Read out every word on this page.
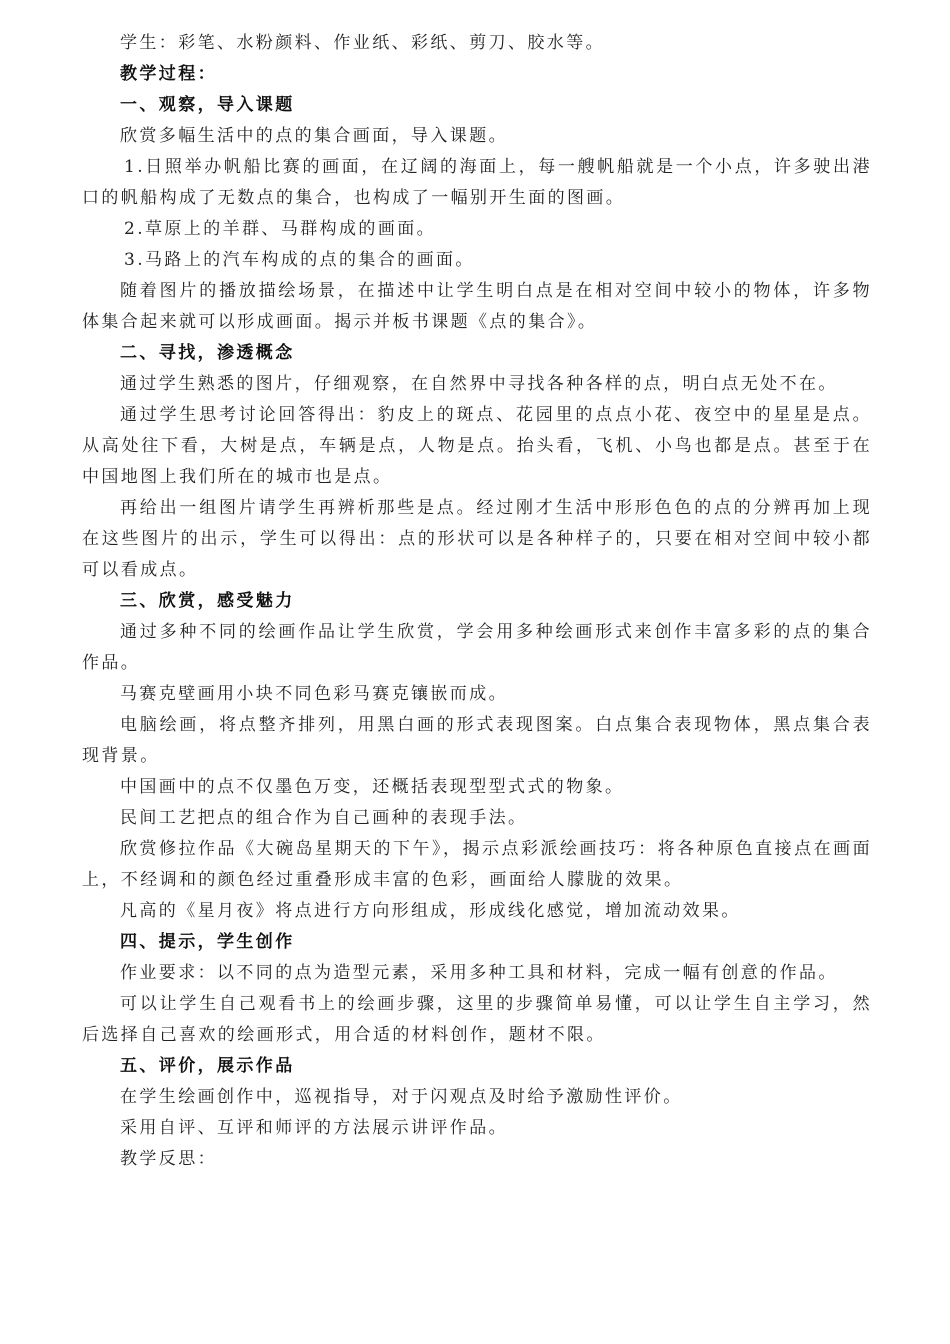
学生：彩笔、水粉颜料、作业纸、彩纸、剪刀、胶水等。

教学过程：

一、观察，导入课题

欣赏多幅生活中的点的集合画面，导入课题。

1.日照举办帆船比赛的画面，在辽阔的海面上，每一艘帆船就是一个小点，许多驶出港口的帆船构成了无数点的集合，也构成了一幅别开生面的图画。

2.草原上的羊群、马群构成的画面。

3.马路上的汽车构成的点的集合的画面。

随着图片的播放描绘场景，在描述中让学生明白点是在相对空间中较小的物体，许多物体集合起来就可以形成画面。揭示并板书课题《点的集合》。

二、寻找，渗透概念

通过学生熟悉的图片，仔细观察，在自然界中寻找各种各样的点，明白点无处不在。

通过学生思考讨论回答得出：豹皮上的斑点、花园里的点点小花、夜空中的星星是点。从高处往下看，大树是点，车辆是点，人物是点。抬头看，飞机、小鸟也都是点。甚至于在中国地图上我们所在的城市也是点。

再给出一组图片请学生再辨析那些是点。经过刚才生活中形形色色的点的分辨再加上现在这些图片的出示，学生可以得出：点的形状可以是各种样子的，只要在相对空间中较小都可以看成点。

三、欣赏，感受魅力

通过多种不同的绘画作品让学生欣赏，学会用多种绘画形式来创作丰富多彩的点的集合作品。

马赛克壁画用小块不同色彩马赛克镶嵌而成。

电脑绘画，将点整齐排列，用黑白画的形式表现图案。白点集合表现物体，黑点集合表现背景。

中国画中的点不仅墨色万变，还概括表现型型式式的物象。

民间工艺把点的组合作为自己画种的表现手法。

欣赏修拉作品《大碗岛星期天的下午》，揭示点彩派绘画技巧：将各种原色直接点在画面上，不经调和的颜色经过重叠形成丰富的色彩，画面给人朦胧的效果。

凡高的《星月夜》将点进行方向形组成，形成线化感觉，增加流动效果。

四、提示，学生创作

作业要求：以不同的点为造型元素，采用多种工具和材料，完成一幅有创意的作品。

可以让学生自己观看书上的绘画步骤，这里的步骤简单易懂，可以让学生自主学习，然后选择自己喜欢的绘画形式，用合适的材料创作，题材不限。

五、评价，展示作品

在学生绘画创作中，巡视指导，对于闪观点及时给予激励性评价。

采用自评、互评和师评的方法展示讲评作品。

教学反思：
